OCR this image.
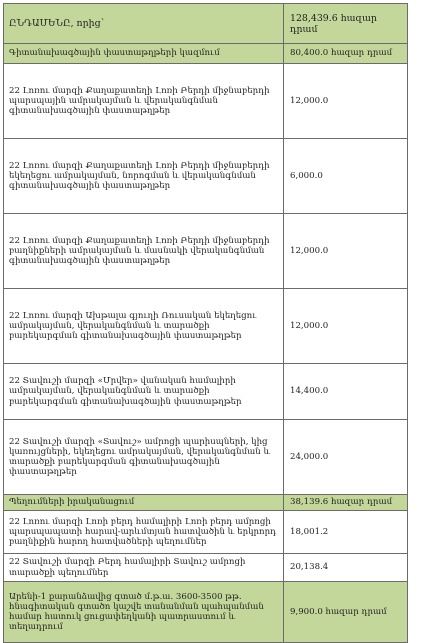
ԸՆԴԱՄԵՆԸ, որից`	128,439.6 հազար դրամ
Գիտանախագծային փաստաթղթերի կազմում	80,400.0 հազար դրամ
22 Լոռու մարզի Քաղաքատեղի Լոռի Բերդի միջնաբերդի պարսպային ամրակայման և վերականգնման գիտանախագծային փաստաթղթեր	12,000.0
22 Լոռու մարզի Քաղաքատեղի Լոռի Բերդի միջնաբերդի եկեղեցու ամրակայման, նորոգման և վերականգնման գիտանախագծային փաստաթղթեր	6,000.0
22 Լոռու մարզի Քաղաքատեղի Լոռի Բերդի միջնաբերդի բաղնիքների ամրակայման և մասնակի վերականգնման գիտանախագծային փաստաթղթեր	12,000.0
22 Լոռու մարզի Ախթալա գյուղի Ռուսական եկեղեցու ամրակայման, վերականգնման և տարածքի բարեկարգման գիտանախագծային փաստաթղթեր	12,000.0
22 Տավուշի մարզի «Մրվեր» վանական համալիրի ամրակայման, վերականգնման և տարածքի բարեկարգման գիտանախագծային փաստաթղթեր	14,400.0
22 Տավուշի մարզի «Տավուշ» ամրոցի պարիսպների, կից կառույցների, եկեղեցու ամրակայման, վերականգնման և տարածքի բարեկարգման գիտանախագծային փաստաթղթեր	24,000.0
Պեղումների իրականացում	38,139.6 հազար դրամ
22 Լոռու մարզի Լոռի բերդ համալիրի Լոռի բերդ ամրոցի պարսպապատի հարավ-արևմտյան հատվածին և երկրորդ բաղնիքին հարող հատվածների պեղումներ	18,001.2
22 Տավուշի մարզի Բերդ համալիրի Տավուշ ամրոցի տարածքի պեղումներ	20,138.4
Արենի-1 քարանձավից գտած մ.թ.ա. 3600-3500 թթ. հնագիտական գտածո կաշվե տանանման պահպանման համար հատուկ ցուցափեղկանի պատրաստում և տեղադրում	9,900.0 հազար դրամ
